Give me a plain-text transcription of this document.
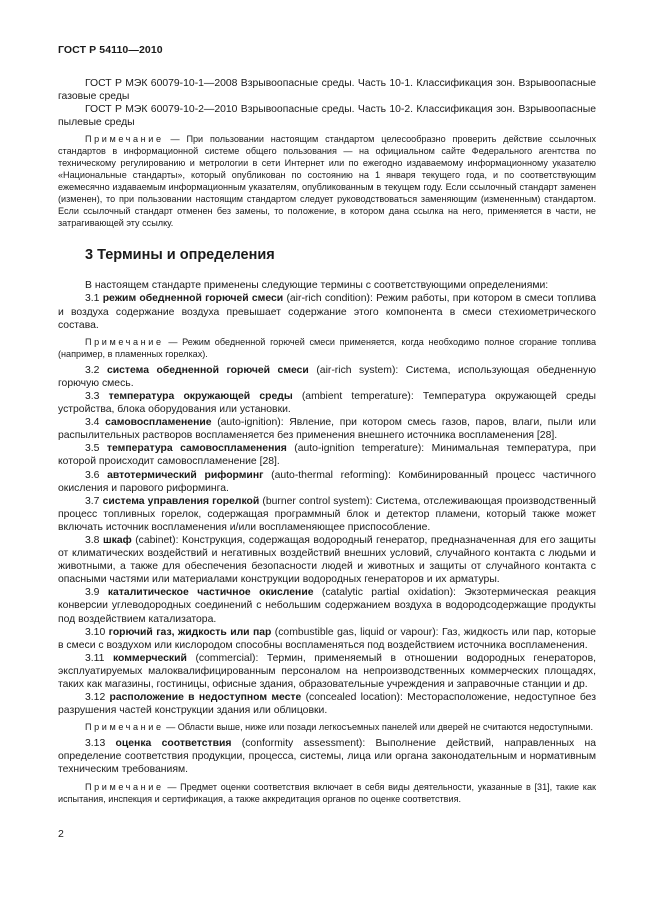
ГОСТ Р 54110—2010

ГОСТ Р МЭК 60079-10-1—2008 Взрывоопасные среды. Часть 10-1. Классификация зон. Взрывоопасные газовые среды

ГОСТ Р МЭК 60079-10-2—2010 Взрывоопасные среды. Часть 10-2. Классификация зон. Взрывоопасные пылевые среды

Примечание — При пользовании настоящим стандартом целесообразно проверить действие ссылочных стандартов в информационной системе общего пользования — на официальном сайте Федерального агентства по техническому регулированию и метрологии в сети Интернет или по ежегодно издаваемому информационному указателю «Национальные стандарты», который опубликован по состоянию на 1 января текущего года, и по соответствующим ежемесячно издаваемым информационным указателям, опубликованным в текущем году. Если ссылочный стандарт заменен (изменен), то при пользовании настоящим стандартом следует руководствоваться заменяющим (измененным) стандартом. Если ссылочный стандарт отменен без замены, то положение, в котором дана ссылка на него, применяется в части, не затрагивающей эту ссылку.

3 Термины и определения

В настоящем стандарте применены следующие термины с соответствующими определениями:

3.1 режим обедненной горючей смеси (air-rich condition): Режим работы, при котором в смеси топлива и воздуха содержание воздуха превышает содержание этого компонента в смеси стехиометрического состава.

Примечание — Режим обедненной горючей смеси применяется, когда необходимо полное сгорание топлива (например, в пламенных горелках).

3.2 система обедненной горючей смеси (air-rich system): Система, использующая обедненную горючую смесь.

3.3 температура окружающей среды (ambient temperature): Температура окружающей среды устройства, блока оборудования или установки.

3.4 самовоспламенение (auto-ignition): Явление, при котором смесь газов, паров, влаги, пыли или распылительных растворов воспламеняется без применения внешнего источника воспламенения [28].

3.5 температура самовоспламенения (auto-ignition temperature): Минимальная температура, при которой происходит самовоспламенение [28].

3.6 автотермический риформинг (auto-thermal reforming): Комбинированный процесс частичного окисления и парового риформинга.

3.7 система управления горелкой (burner control system): Система, отслеживающая производственный процесс топливных горелок, содержащая программный блок и детектор пламени, который также может включать источник воспламенения и/или воспламеняющее приспособление.

3.8 шкаф (cabinet): Конструкция, содержащая водородный генератор, предназначенная для его защиты от климатических воздействий и негативных воздействий внешних условий, случайного контакта с людьми и животными, а также для обеспечения безопасности людей и животных и защиты от случайного контакта с опасными частями или материалами конструкции водородных генераторов и их арматуры.

3.9 каталитическое частичное окисление (catalytic partial oxidation): Экзотермическая реакция конверсии углеводородных соединений с небольшим содержанием воздуха в водородсодержащие продукты под воздействием катализатора.

3.10 горючий газ, жидкость или пар (combustible gas, liquid or vapour): Газ, жидкость или пар, которые в смеси с воздухом или кислородом способны воспламеняться под воздействием источника воспламенения.

3.11 коммерческий (commercial): Термин, применяемый в отношении водородных генераторов, эксплуатируемых малоквалифицированным персоналом на непроизводственных коммерческих площадях, таких как магазины, гостиницы, офисные здания, образовательные учреждения и заправочные станции и др.

3.12 расположение в недоступном месте (concealed location): Месторасположение, недоступное без разрушения частей конструкции здания или облицовки.

Примечание — Области выше, ниже или позади легкосъемных панелей или дверей не считаются недоступными.

3.13 оценка соответствия (conformity assessment): Выполнение действий, направленных на определение соответствия продукции, процесса, системы, лица или органа законодательным и нормативным техническим требованиям.

Примечание — Предмет оценки соответствия включает в себя виды деятельности, указанные в [31], такие как испытания, инспекция и сертификация, а также аккредитация органов по оценке соответствия.

2
